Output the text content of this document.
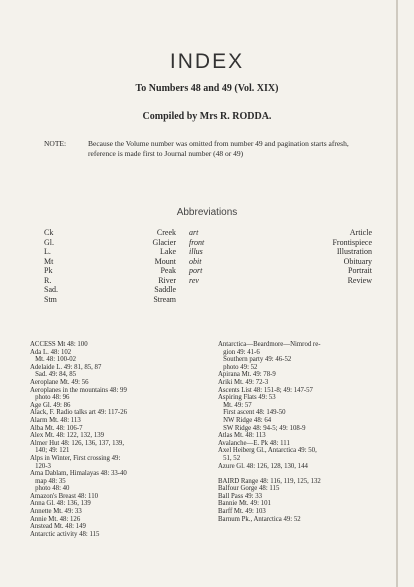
INDEX
To Numbers 48 and 49 (Vol. XIX)
Compiled by Mrs R. RODDA.
NOTE:	Because the Volume number was omitted from number 49 and pagination starts afresh, reference is made first to Journal number (48 or 49)
Abbreviations
Ck
Gl.
L.
Mt
Pk
R.
Sad.
Stm
Creek
Glacier
Lake
Mount
Peak
River
Saddle
Stream
art
front
illus
obit
port
rev
Article
Frontispiece
Illustration
Obituary
Portrait
Review
ACCESS Mt 48: 100
Ada L. 48: 102
Mt. 48: 100-02
Adelaide L. 49: 81, 85, 87
Sad. 49: 84, 85
Aeroplane Mt. 49: 56
Aeroplanes in the mountains 48: 99
photo 48: 96
Age Gl. 49: 86
Alack, F. Radio talks art 49: 117-26
Alarm Mt. 48: 113
Alba Mt. 48: 106-7
Alex Mt. 48: 122, 132, 139
Almer Hut 48: 126, 136, 137, 139,
140; 49: 121
Alps in Winter, First crossing 49:
120-3
Ama Dablam, Himalayas 48: 33-40
map 48: 35
photo 48: 40
Amazon's Breast 48: 110
Anna Gl. 48: 136, 139
Annette Mt. 49: 33
Annie Mt. 48: 126
Anstead Mt. 48: 149
Antarctic activity 48: 115
Antarctica—Beardmore—Nimrod re-
gion 49: 41-6
Southern party 49: 46-52
photo 49: 52
Apirana Mt. 49: 78-9
Ariki Mt. 49: 72-3
Ascents List 48: 151-8; 49: 147-57
Aspiring Flats 49: 53
Mt. 49: 57
First ascent 48: 149-50
NW Ridge 48: 64
SW Ridge 48: 94-5; 49: 108-9
Atlas Mt. 48: 113
Avalanche—E. Pk 48: 111
Axel Heiberg Gl., Antarctica 49: 50,
51, 52
Azure Gl. 48: 126, 128, 130, 144
BAIRD Range 48: 116, 119, 125, 132
Balfour Gorge 48: 115
Ball Pass 49: 33
Bannie Mt. 49: 101
Barff Mt. 49: 103
Barnum Pk., Antarctica 49: 52
